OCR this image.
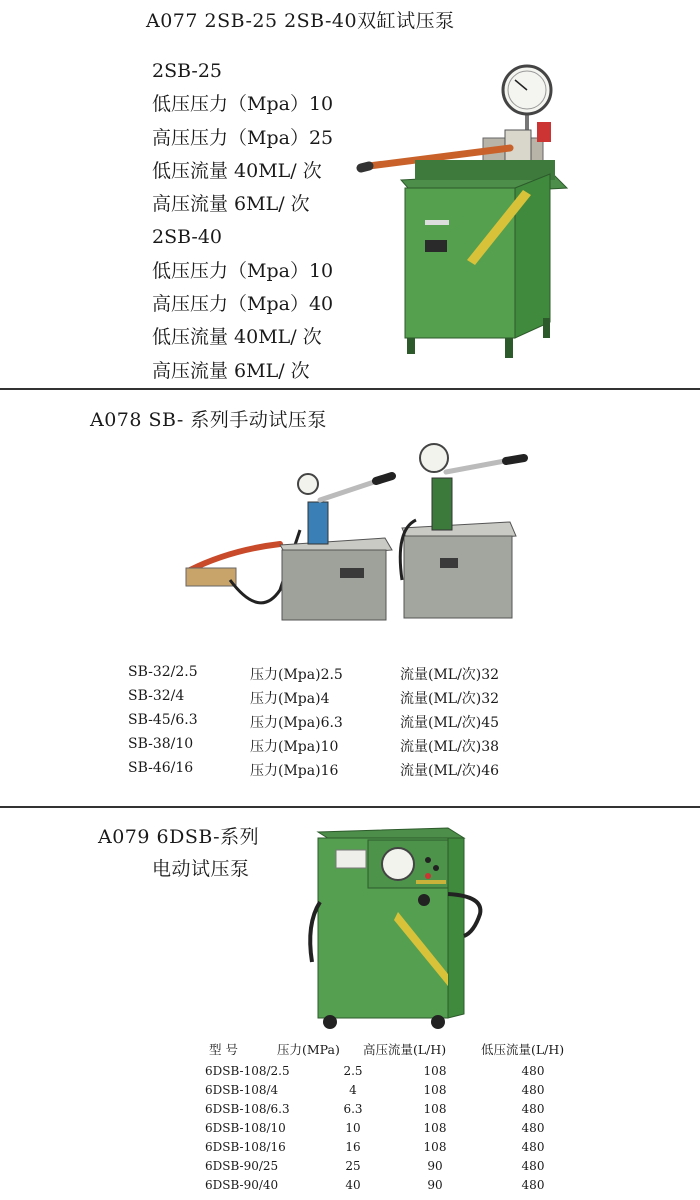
A077 2SB-25 2SB-40双缸试压泵
2SB-25
低压压力（Mpa）10
高压压力（Mpa）25
低压流量 40ML/ 次
高压流量 6ML/ 次
2SB-40
低压压力（Mpa）10
高压压力（Mpa）40
低压流量 40ML/ 次
高压流量 6ML/ 次
A078 SB- 系列手动试压泵
SB-32/2.5	压力(Mpa)2.5	流量(ML/次)32
SB-32/4	压力(Mpa)4	流量(ML/次)32
SB-45/6.3	压力(Mpa)6.3	流量(ML/次)45
SB-38/10	压力(Mpa)10	流量(ML/次)38
SB-46/16	压力(Mpa)16	流量(ML/次)46
A079 6DSB-系列
电动试压泵
型 号	压力(MPa) 高压流量(L/H)	低压流量(L/H)
6DSB-108/2.5	2.5	108	480
6DSB-108/4	4	108	480
6DSB-108/6.3	6.3	108	480
6DSB-108/10	10	108	480
6DSB-108/16	16	108	480
6DSB-90/25	25	90	480
6DSB-90/40	40	90	480
